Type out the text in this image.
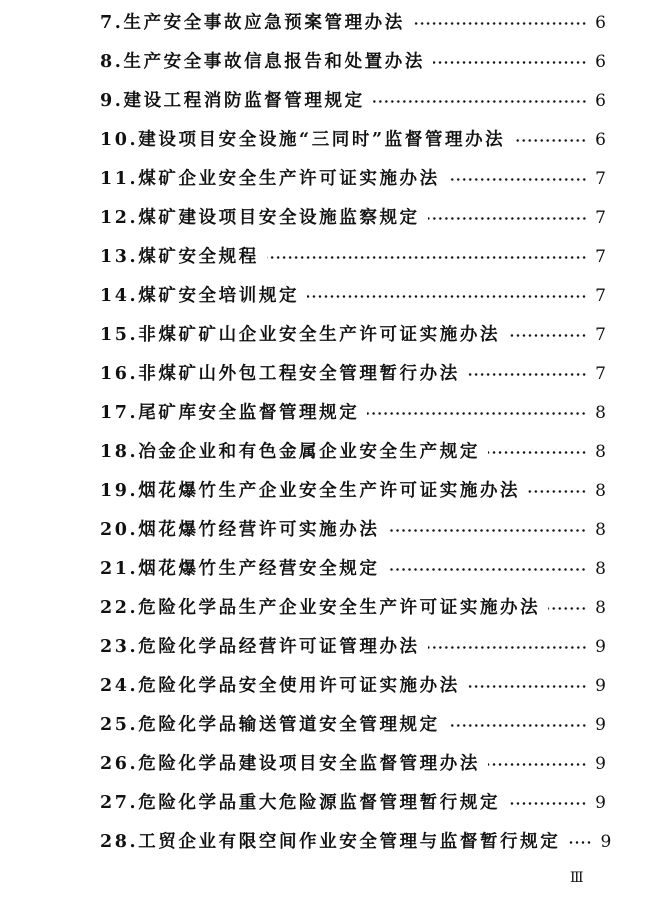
7.生产安全事故应急预案管理办法	6
8.生产安全事故信息报告和处置办法	6
9.建设工程消防监督管理规定	6
10.建设项目安全设施“三同时”监督管理办法	6
11.煤矿企业安全生产许可证实施办法	7
12.煤矿建设项目安全设施监察规定	7
13.煤矿安全规程	7
14.煤矿安全培训规定	7
15.非煤矿矿山企业安全生产许可证实施办法	7
16.非煤矿山外包工程安全管理暂行办法	7
17.尾矿库安全监督管理规定	8
18.冶金企业和有色金属企业安全生产规定	8
19.烟花爆竹生产企业安全生产许可证实施办法	8
20.烟花爆竹经营许可实施办法	8
21.烟花爆竹生产经营安全规定	8
22.危险化学品生产企业安全生产许可证实施办法	8
23.危险化学品经营许可证管理办法	9
24.危险化学品安全使用许可证实施办法	9
25.危险化学品输送管道安全管理规定	9
26.危险化学品建设项目安全监督管理办法	9
27.危险化学品重大危险源监督管理暂行规定	9
28.工贸企业有限空间作业安全管理与监督暂行规定 9
Ⅲ
